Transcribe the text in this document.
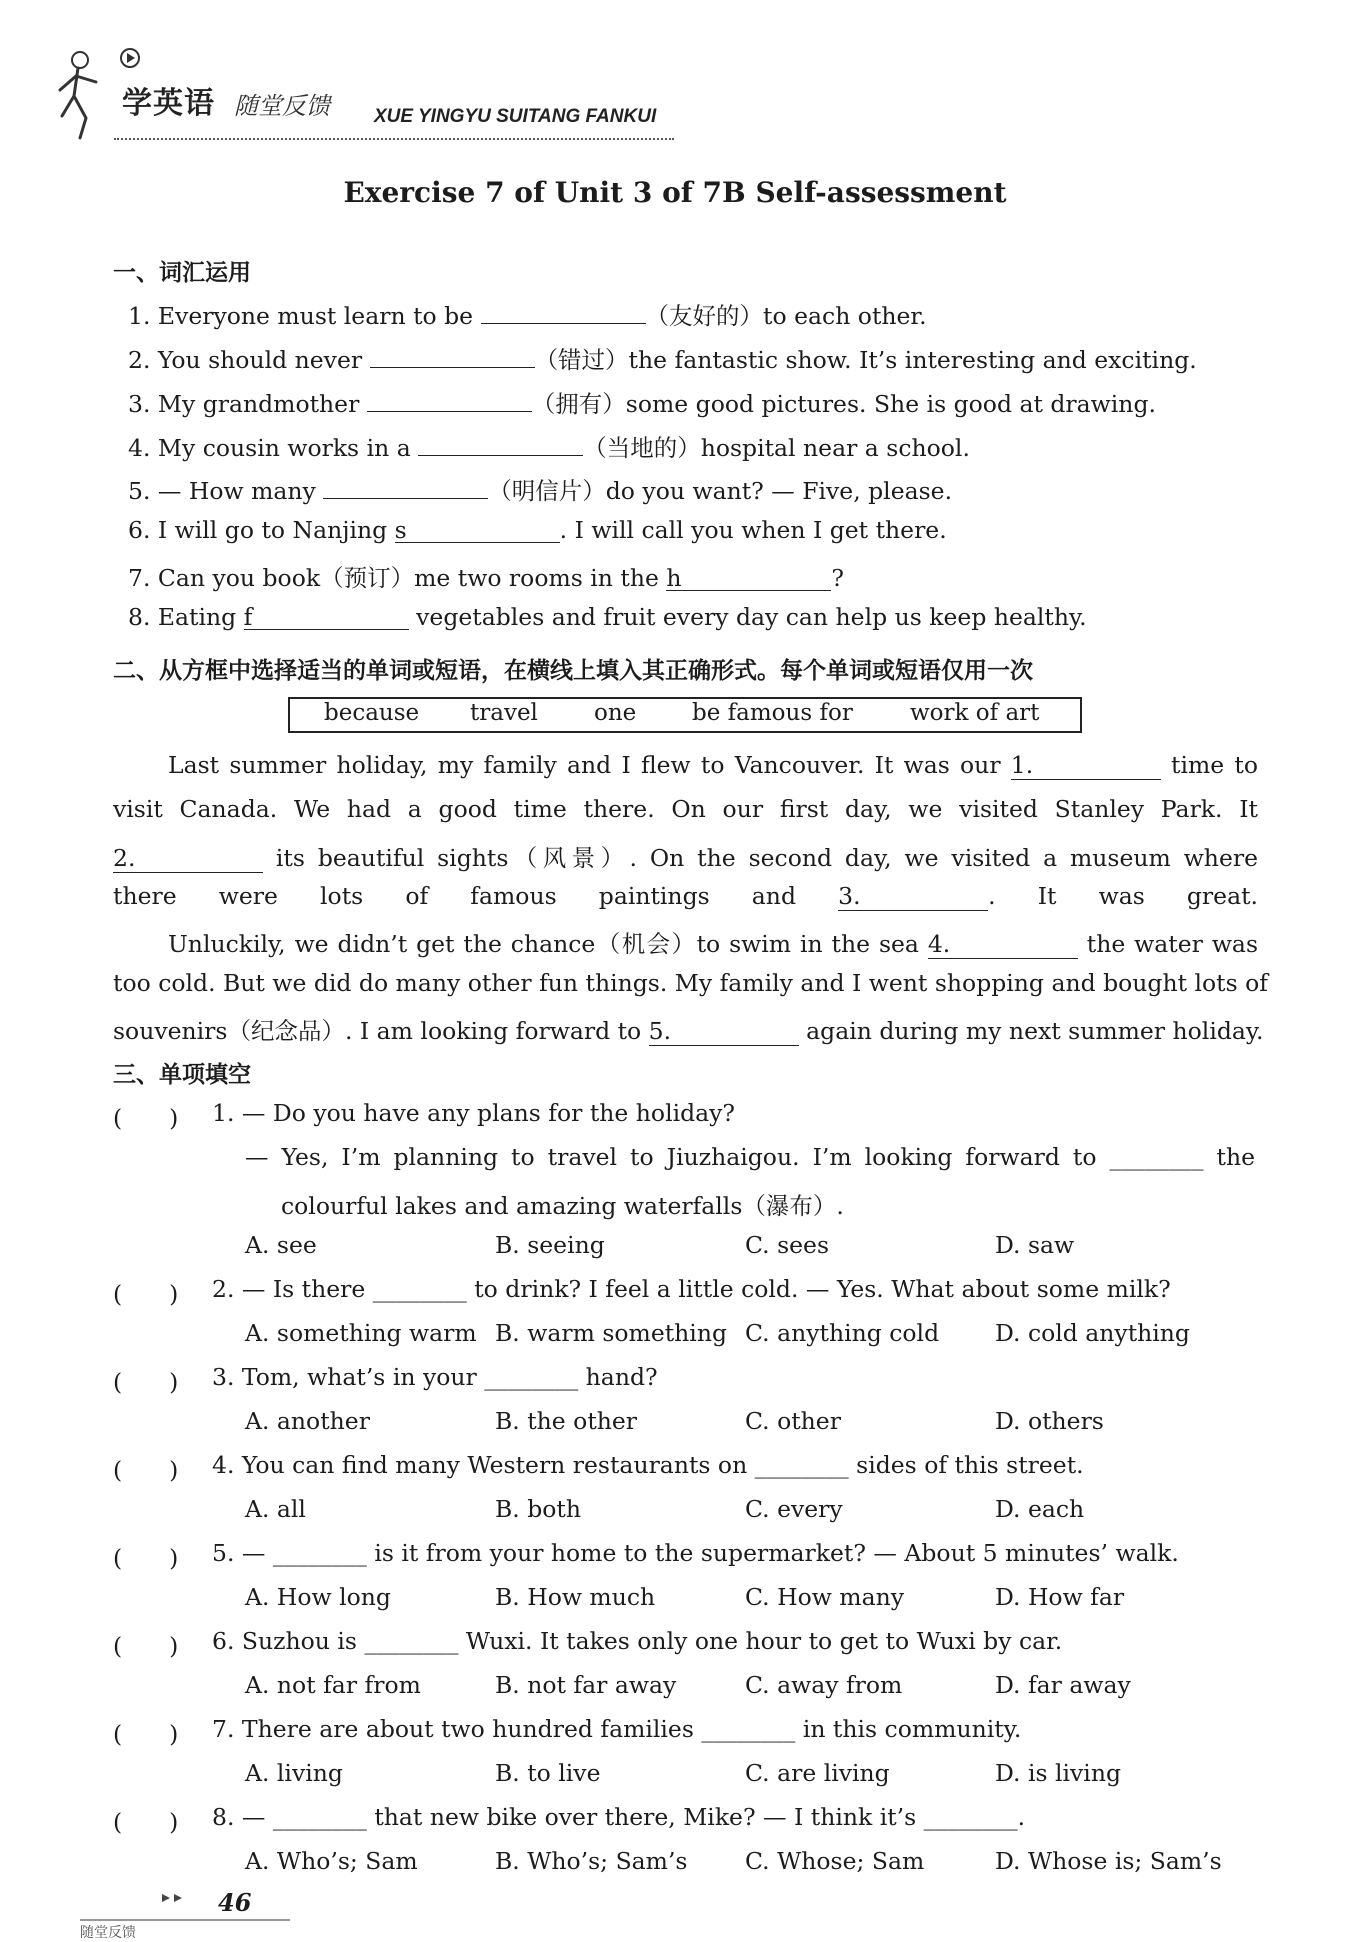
学英语 随堂反馈 XUE YINGYU SUITANG FANKUI
Exercise 7 of Unit 3 of 7B Self-assessment
一、词汇运用
1. Everyone must learn to be	（友好的）to each other.
2. You should never	（错过）the fantastic show. It’s interesting and exciting.
3. My grandmother	（拥有）some good pictures. She is good at drawing.
4. My cousin works in a	（当地的）hospital near a school.
5. — How many	（明信片）do you want? — Five, please.
6. I will go to Nanjing s	. I will call you when I get there.
7. Can you book（预订）me two rooms in the h	?
8. Eating f	vegetables and fruit every day can help us keep healthy.
二、从方框中选择适当的单词或短语，在横线上填入其正确形式。每个单词或短语仅用一次
because travel one be famous for work of art
Last summer holiday, my family and I flew to Vancouver. It was our 1.	time to
visit Canada. We had a good time there. On our first day, we visited Stanley Park. It
2.	its beautiful sights（风景）. On the second day, we visited a museum where
there were lots of famous paintings and 3.	. It was great.
Unluckily, we didn’t get the chance（机会）to swim in the sea 4.	the water was
too cold. But we did do many other fun things. My family and I went shopping and bought lots of
souvenirs（纪念品）. I am looking forward to 5.	again during my next summer holiday.
三、单项填空
(　　) 1. — Do you have any plans for the holiday?
— Yes, I’m planning to travel to Jiuzhaigou. I’m looking forward to ________ the
colourful lakes and amazing waterfalls（瀑布）.
A. see	B. seeing	C. sees	D. saw
(　　) 2. — Is there ________ to drink? I feel a little cold. — Yes. What about some milk?
A. something warm B. warm something C. anything cold D. cold anything
(　　) 3. Tom, what’s in your ________ hand?
A. another	B. the other	C. other	D. others
(　　) 4. You can find many Western restaurants on ________ sides of this street.
A. all	B. both	C. every	D. each
(　　) 5. — ________ is it from your home to the supermarket? — About 5 minutes’ walk.
A. How long	B. How much	C. How many	D. How far
(　　) 6. Suzhou is ________ Wuxi. It takes only one hour to get to Wuxi by car.
A. not far from	B. not far away	C. away from	D. far away
(　　) 7. There are about two hundred families ________ in this community.
A. living	B. to live	C. are living	D. is living
(　　) 8. — ________ that new bike over there, Mike? — I think it’s ________.
A. Who’s; Sam	B. Who’s; Sam’s C. Whose; Sam	D. Whose is; Sam’s
46
随堂反馈
